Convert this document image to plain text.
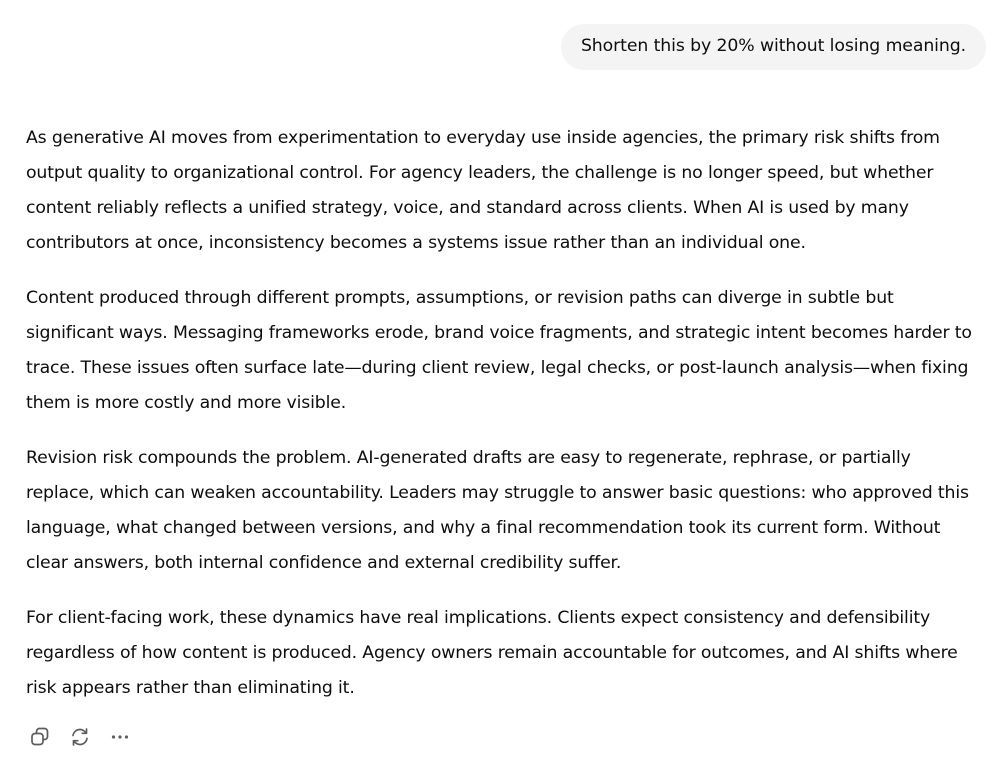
Shorten this by 20% without losing meaning.

As generative AI moves from experimentation to everyday use inside agencies, the primary risk shifts from output quality to organizational control. For agency leaders, the challenge is no longer speed, but whether content reliably reflects a unified strategy, voice, and standard across clients. When AI is used by many contributors at once, inconsistency becomes a systems issue rather than an individual one.

Content produced through different prompts, assumptions, or revision paths can diverge in subtle but significant ways. Messaging frameworks erode, brand voice fragments, and strategic intent becomes harder to trace. These issues often surface late—during client review, legal checks, or post-launch analysis—when fixing them is more costly and more visible.

Revision risk compounds the problem. AI-generated drafts are easy to regenerate, rephrase, or partially replace, which can weaken accountability. Leaders may struggle to answer basic questions: who approved this language, what changed between versions, and why a final recommendation took its current form. Without clear answers, both internal confidence and external credibility suffer.

For client-facing work, these dynamics have real implications. Clients expect consistency and defensibility regardless of how content is produced. Agency owners remain accountable for outcomes, and AI shifts where risk appears rather than eliminating it.
